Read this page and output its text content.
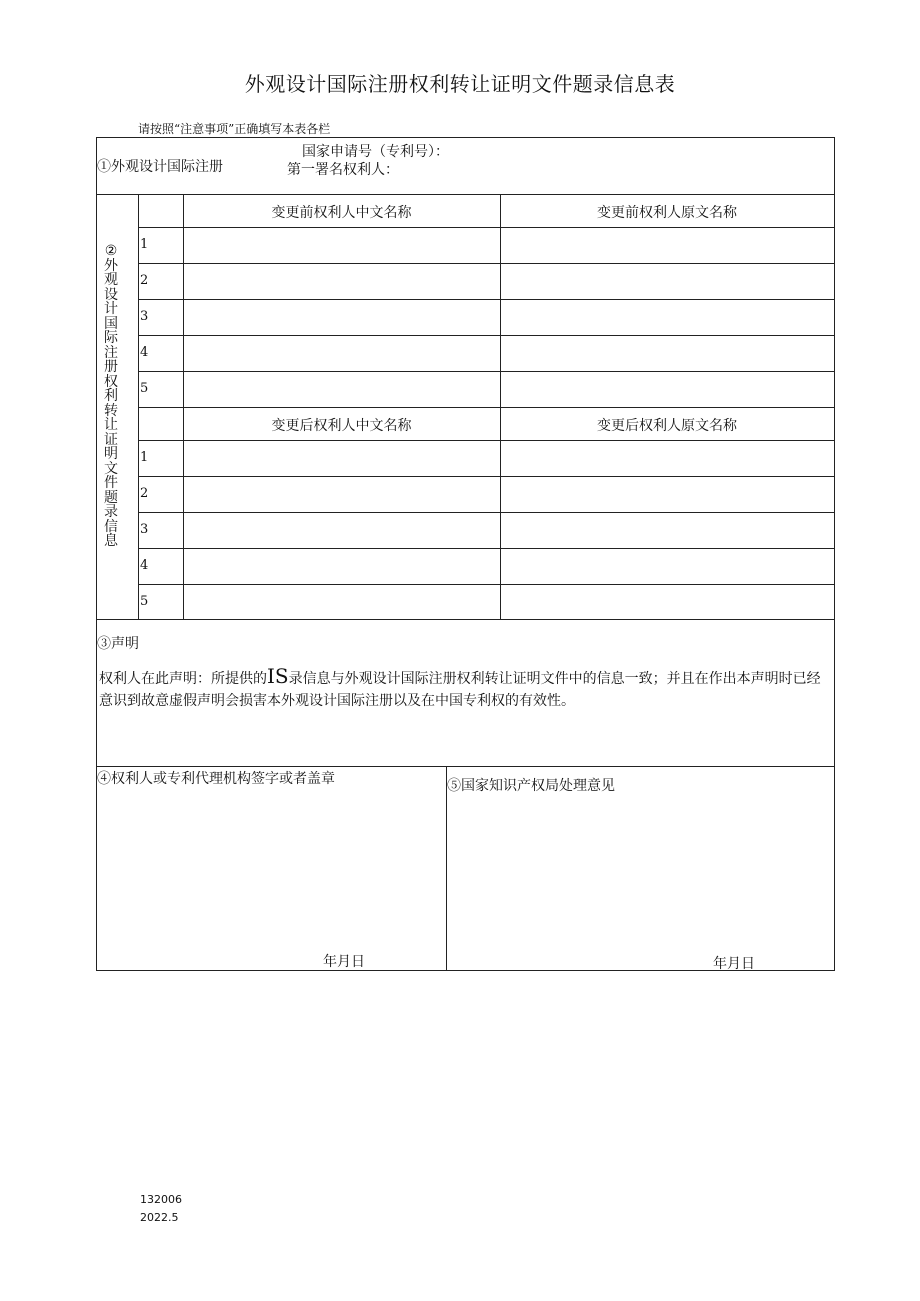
外观设计国际注册权利转让证明文件题录信息表
请按照“注意事项”正确填写本表各栏
①外观设计国际注册
国家申请号（专利号）：
第一署名权利人：
②
外
观
设
计
国
际
注
册
权
利
转
让
证
明
文
件
题
录
信
息
变更前权利人中文名称	变更前权利人原文名称
1
2
3
4
5
变更后权利人中文名称	变更后权利人原文名称
1
2
3
4
5
③声明
权利人在此声明：所提供的IS录信息与外观设计国际注册权利转让证明文件中的信息一致；并且在作出本声明时已经意识到故意虚假声明会损害本外观设计国际注册以及在中国专利权的有效性。
④权利人或专利代理机构签字或者盖章
年月日
⑤国家知识产权局处理意见
年月日
132006
2022.5
